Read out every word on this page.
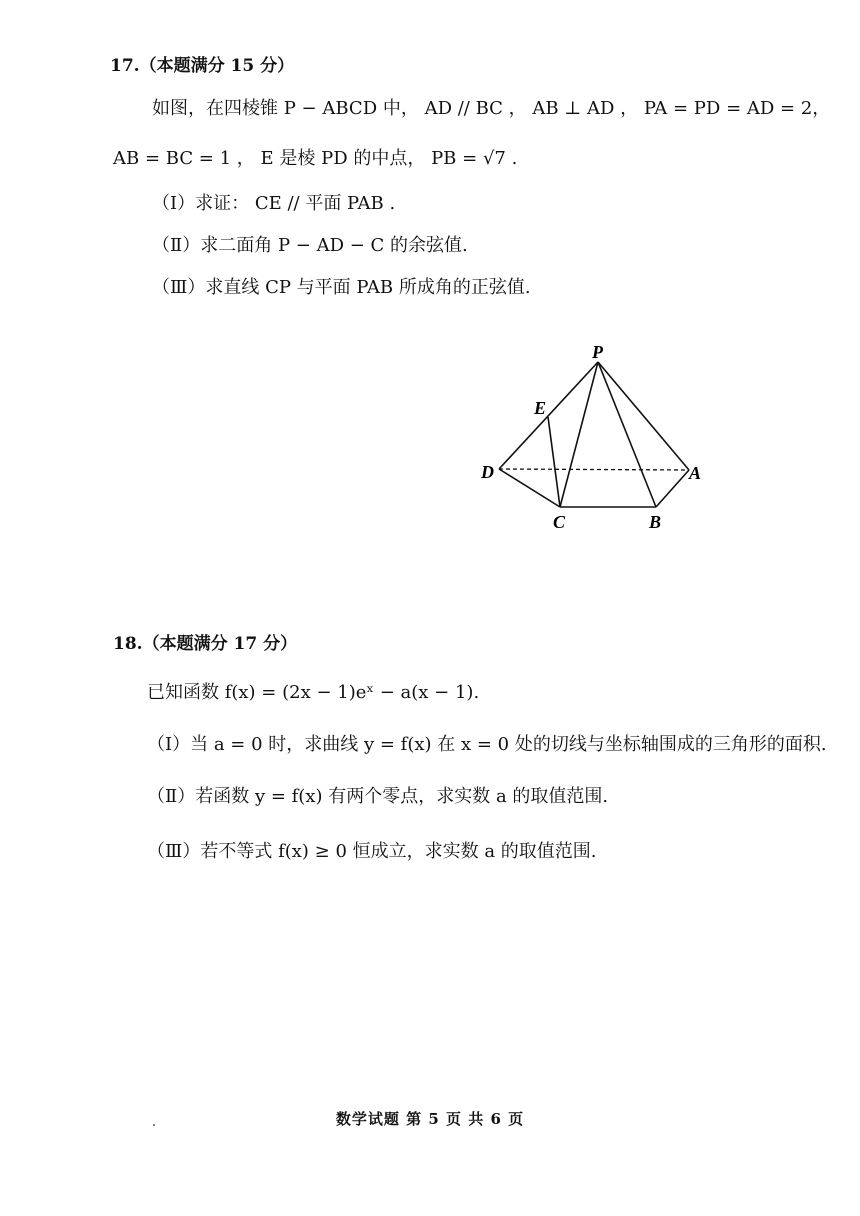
17.（本题满分 15 分）
如图，在四棱锥 P − ABCD 中， AD // BC ， AB ⊥ AD ， PA = PD = AD = 2，
AB = BC = 1 ， E 是棱 PD 的中点， PB = √7 .
（Ⅰ）求证： CE // 平面 PAB .
（Ⅱ）求二面角 P − AD − C 的余弦值.
（Ⅲ）求直线 CP 与平面 PAB 所成角的正弦值.
P
E
D	A
C	B
18.（本题满分 17 分）
已知函数 f(x) = (2x − 1)eˣ − a(x − 1).
（Ⅰ）当 a = 0 时，求曲线 y = f(x) 在 x = 0 处的切线与坐标轴围成的三角形的面积.
（Ⅱ）若函数 y = f(x) 有两个零点，求实数 a 的取值范围.
（Ⅲ）若不等式 f(x) ≥ 0 恒成立，求实数 a 的取值范围.
数学试题 第 5 页 共 6 页
